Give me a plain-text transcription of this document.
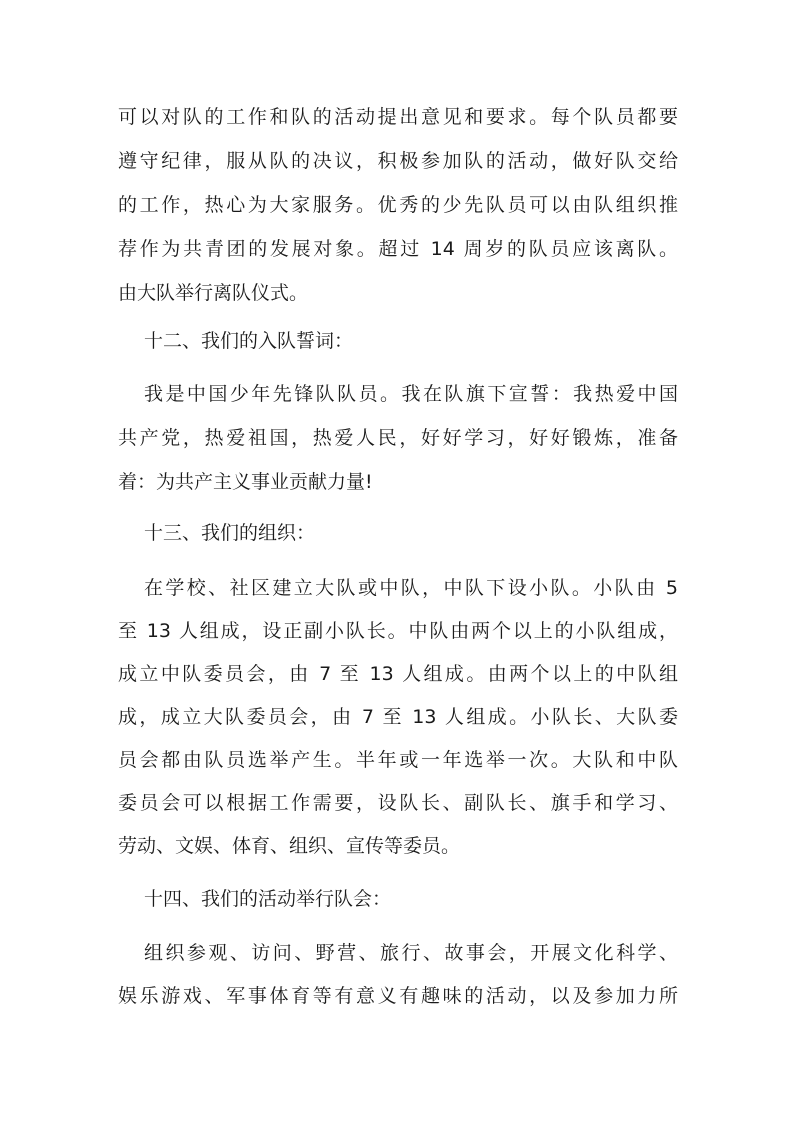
可以对队的工作和队的活动提出意见和要求。每个队员都要
遵守纪律，服从队的决议，积极参加队的活动，做好队交给
的工作，热心为大家服务。优秀的少先队员可以由队组织推
荐作为共青团的发展对象。超过 14 周岁的队员应该离队。
由大队举行离队仪式。
十二、我们的入队誓词：
我是中国少年先锋队队员。我在队旗下宣誓：我热爱中国
共产党，热爱祖国，热爱人民，好好学习，好好锻炼，准备
着：为共产主义事业贡献力量!
十三、我们的组织：
在学校、社区建立大队或中队，中队下设小队。小队由 5
至 13 人组成，设正副小队长。中队由两个以上的小队组成，
成立中队委员会，由 7 至 13 人组成。由两个以上的中队组
成，成立大队委员会，由 7 至 13 人组成。小队长、大队委
员会都由队员选举产生。半年或一年选举一次。大队和中队
委员会可以根据工作需要，设队长、副队长、旗手和学习、
劳动、文娱、体育、组织、宣传等委员。
十四、我们的活动举行队会：
组织参观、访问、野营、旅行、故事会，开展文化科学、
娱乐游戏、军事体育等有意义有趣味的活动，以及参加力所
